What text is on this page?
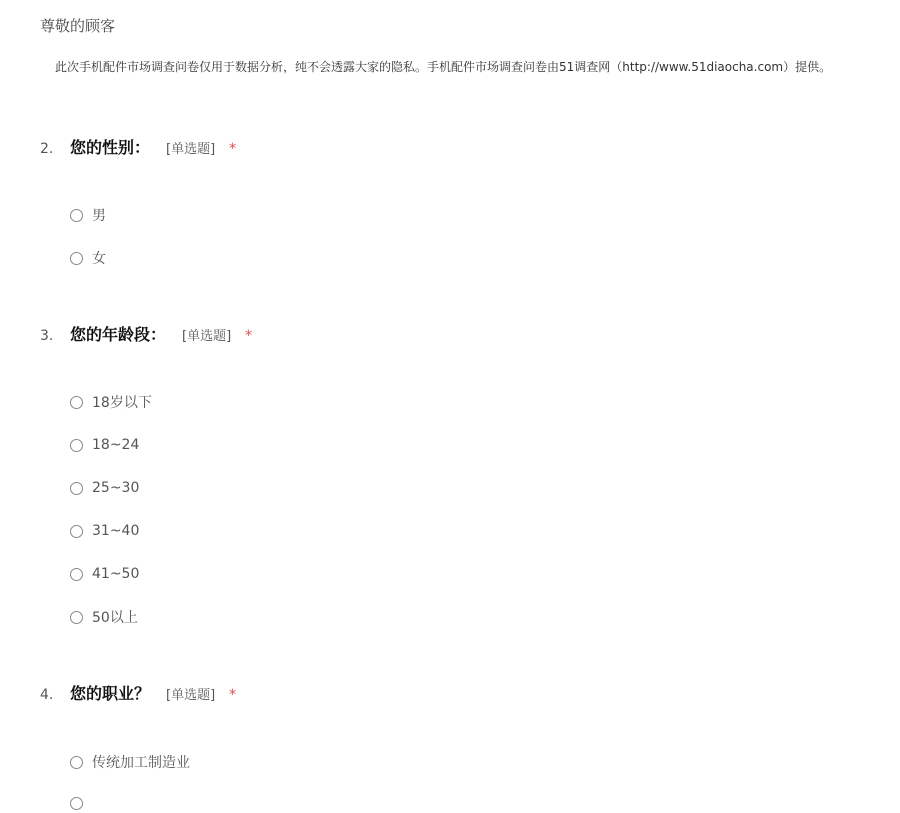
尊敬的顾客
此次手机配件市场调查问卷仅用于数据分析，纯不会透露大家的隐私。手机配件市场调查问卷由51调查网（http://www.51diaocha.com）提供。
2.	您的性别： [单选题] *
男
女
3.	您的年龄段： [单选题] *
18岁以下
18~24
25~30
31~40
41~50
50以上
4.	您的职业？ [单选题] *
传统加工制造业
